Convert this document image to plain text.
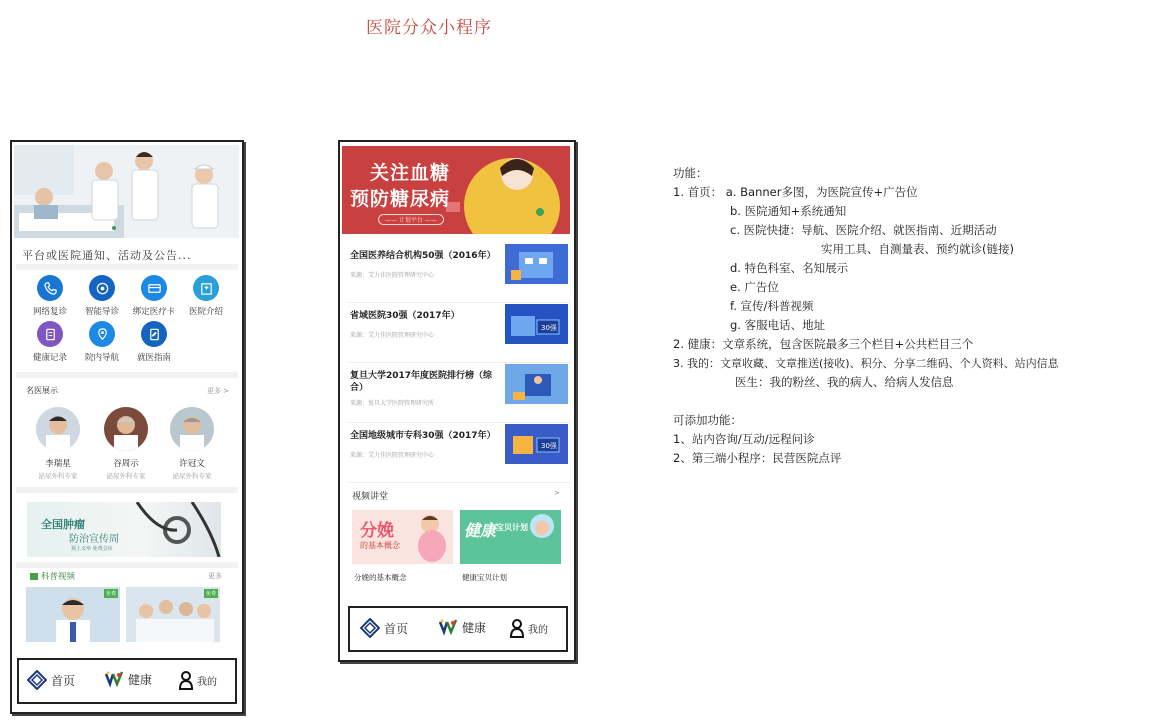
医院分众小程序
平台或医院通知、活动及公告...
网络复诊	智能导诊	绑定医疗卡	医院介绍
健康记录	院内导航	就医指南
名医展示	更多 >
李瑞星
泌尿外科专家
谷周示
泌尿外科专家
许冠文
泌尿外科专家
全国肿瘤
防治宣传周
预上义举 免费会诊
科普视频	更多
免费	免费
首页	健康	我的
关注血糖
预防糖尿病
—— 计划平台 ——
全国医养结合机构50强（2016年）
来源：艾力佳医院管理研究中心
省域医院30强（2017年）
来源：艾力佳医院管理研究中心
30强
复旦大学2017年度医院排行榜（综合）
来源：复旦大学医院管理研究所
全国地级城市专科30强（2017年）
来源：艾力佳医院管理研究中心
30强
视频讲堂	>
分娩
的基本概念
健康 宝贝计划
分娩的基本概念	健康宝贝计划
首页	健康	我的
功能：
1. 首页： a. Banner多图，为医院宣传+广告位
b. 医院通知+系统通知
c. 医院快捷：导航、医院介绍、就医指南、近期活动
实用工具、自测量表、预约就诊(链接)
d. 特色科室、名知展示
e. 广告位
f. 宣传/科普视频
g. 客服电话、地址
2. 健康：文章系统，包含医院最多三个栏目+公共栏目三个
3. 我的：文章收藏、文章推送(接收)、积分、分享二维码、个人资料、站内信息
医生：我的粉丝、我的病人、给病人发信息
可添加功能：
1、站内咨询/互动/远程问诊
2、第三端小程序：民营医院点评
